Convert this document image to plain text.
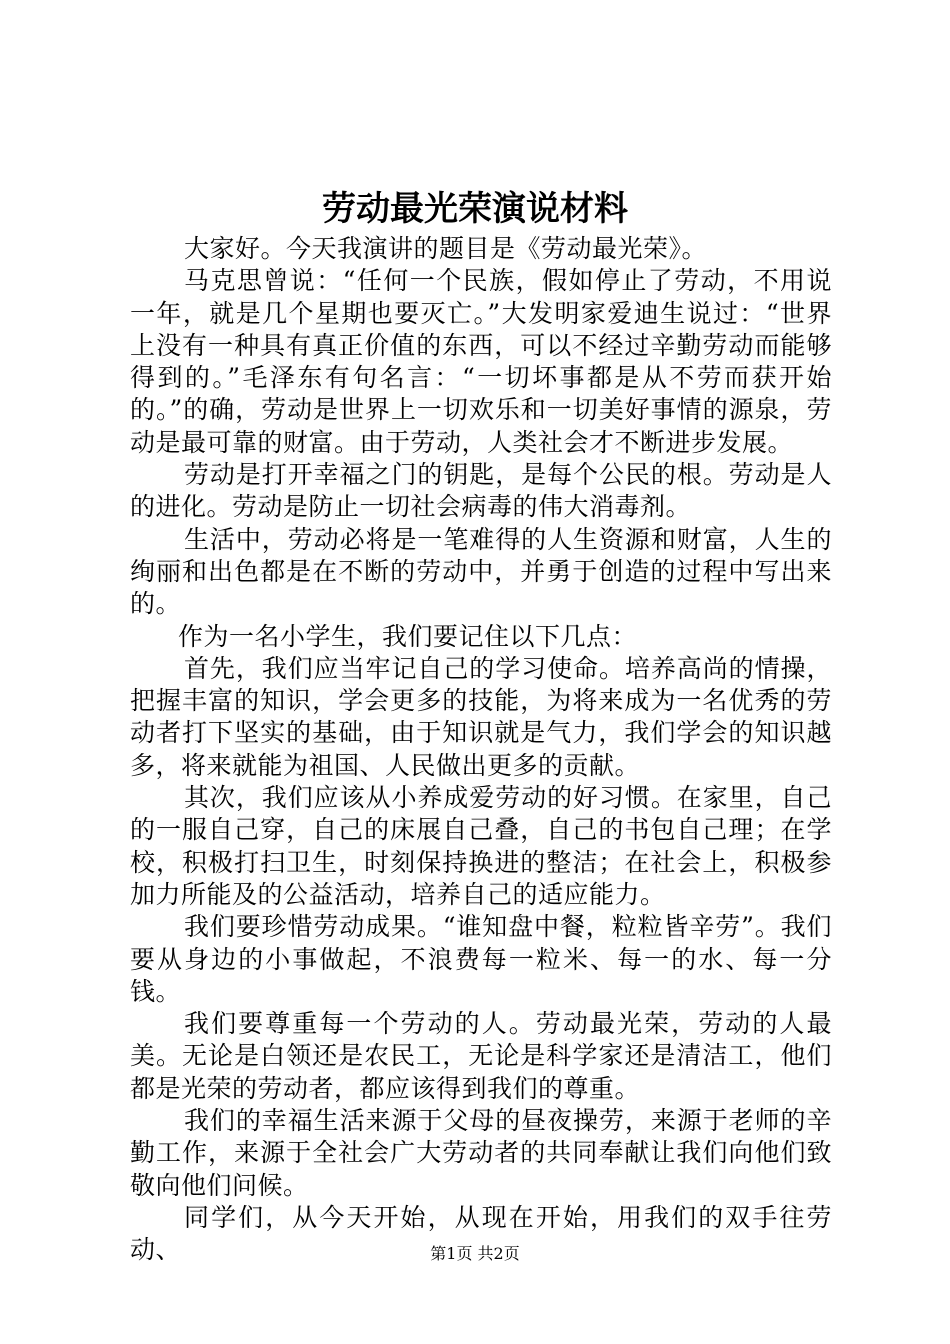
劳动最光荣演说材料

大家好。今天我演讲的题目是《劳动最光荣》。

马克思曾说：“任何一个民族，假如停止了劳动，不用说一年，就是几个星期也要灭亡。”大发明家爱迪生说过：“世界上没有一种具有真正价值的东西，可以不经过辛勤劳动而能够得到的。”毛泽东有句名言：“一切坏事都是从不劳而获开始的。”的确，劳动是世界上一切欢乐和一切美好事情的源泉，劳动是最可靠的财富。由于劳动，人类社会才不断进步发展。

劳动是打开幸福之门的钥匙，是每个公民的根。劳动是人的进化。劳动是防止一切社会病毒的伟大消毒剂。

生活中，劳动必将是一笔难得的人生资源和财富，人生的绚丽和出色都是在不断的劳动中，并勇于创造的过程中写出来的。

作为一名小学生，我们要记住以下几点：

首先，我们应当牢记自己的学习使命。培养高尚的情操，把握丰富的知识，学会更多的技能，为将来成为一名优秀的劳动者打下坚实的基础，由于知识就是气力，我们学会的知识越多，将来就能为祖国、人民做出更多的贡献。

其次，我们应该从小养成爱劳动的好习惯。在家里，自己的一服自己穿，自己的床展自己叠，自己的书包自己理；在学校，积极打扫卫生，时刻保持换进的整洁；在社会上，积极参加力所能及的公益活动，培养自己的适应能力。

我们要珍惜劳动成果。“谁知盘中餐，粒粒皆辛劳”。我们要从身边的小事做起，不浪费每一粒米、每一的水、每一分钱。

我们要尊重每一个劳动的人。劳动最光荣，劳动的人最美。无论是白领还是农民工，无论是科学家还是清洁工，他们都是光荣的劳动者，都应该得到我们的尊重。

我们的幸福生活来源于父母的昼夜操劳，来源于老师的辛勤工作，来源于全社会广大劳动者的共同奉献让我们向他们致敬向他们问候。

同学们，从今天开始，从现在开始，用我们的双手往劳动、	第1页 共2页
